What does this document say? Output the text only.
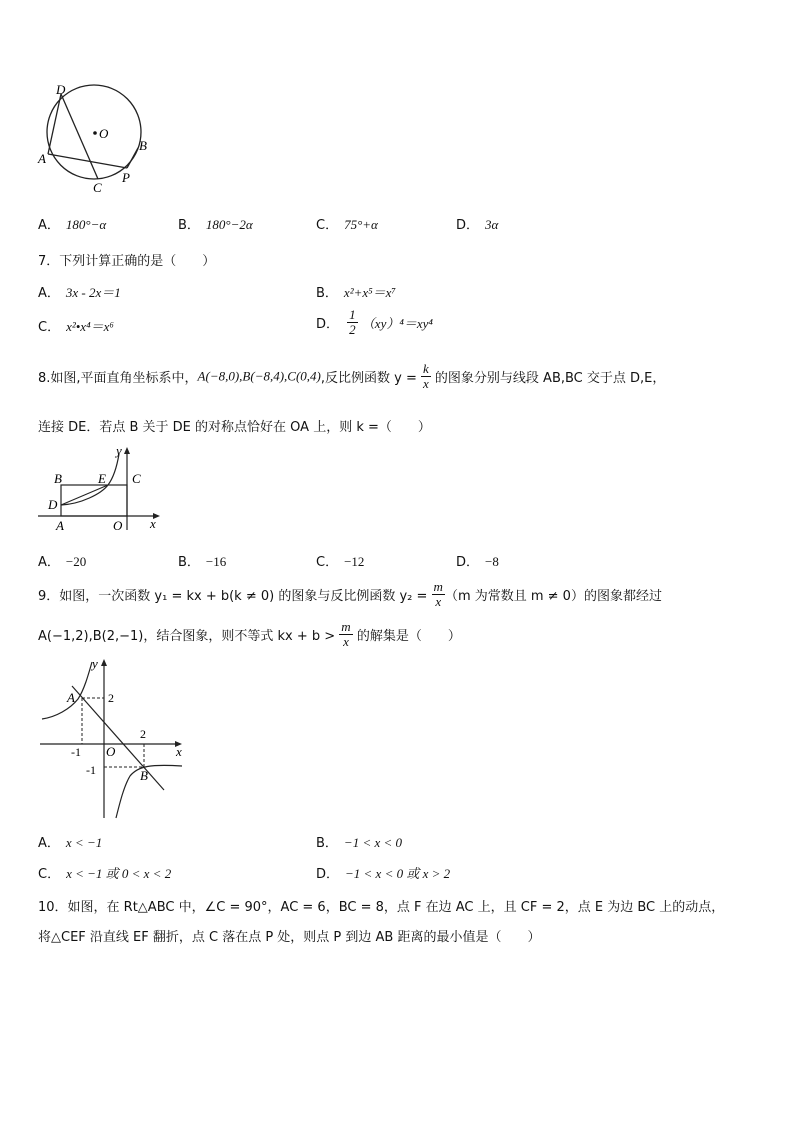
D
O
B
A
C
P
A． 180°−α	B． 180°−2α	C． 75°+α	D． 3α
7．下列计算正确的是（　　）
A． 3x - 2x＝1	B． x²+x⁵＝x⁷
C． x²•x⁴＝x⁶	D． $\frac{1}{2} (xy)^4=xy^4$
8.如图,平面直角坐标系中，A(−8,0),B(−8,4),C(0,4),反比例函数 $y = \frac{k}{x}$ 的图象分别与线段 AB,BC 交于点 D,E，
连接 DE．若点 B 关于 DE 的对称点恰好在 OA 上，则 k =（　　）
y
B	E C
D
A	O x
A． −20	B． −16	C． −12	D． −8
9．如图，一次函数 y₁ = kx + b(k ≠ 0) 的图象与反比例函数 $y_2 = \frac{m}{x} (m$ 为常数且 m ≠ 0）的图象都经过
A(−1,2),B(2,−1)，结合图象，则不等式 kx + $b > \frac{m}{x}$ 的解集是（　　）
y
A	2
-1 O
2
x
-1	B
A． x < −1	B． −1 < x < 0
C． x < −1 或 0 < x < 2	D． −1 < x < 0 或 x > 2
10．如图，在 Rt△ABC 中，∠C = 90°，AC = 6，BC = 8，点 F 在边 AC 上，且 CF = 2，点 E 为边 BC 上的动点，
将△CEF 沿直线 EF 翻折，点 C 落在点 P 处，则点 P 到边 AB 距离的最小值是（　　）
